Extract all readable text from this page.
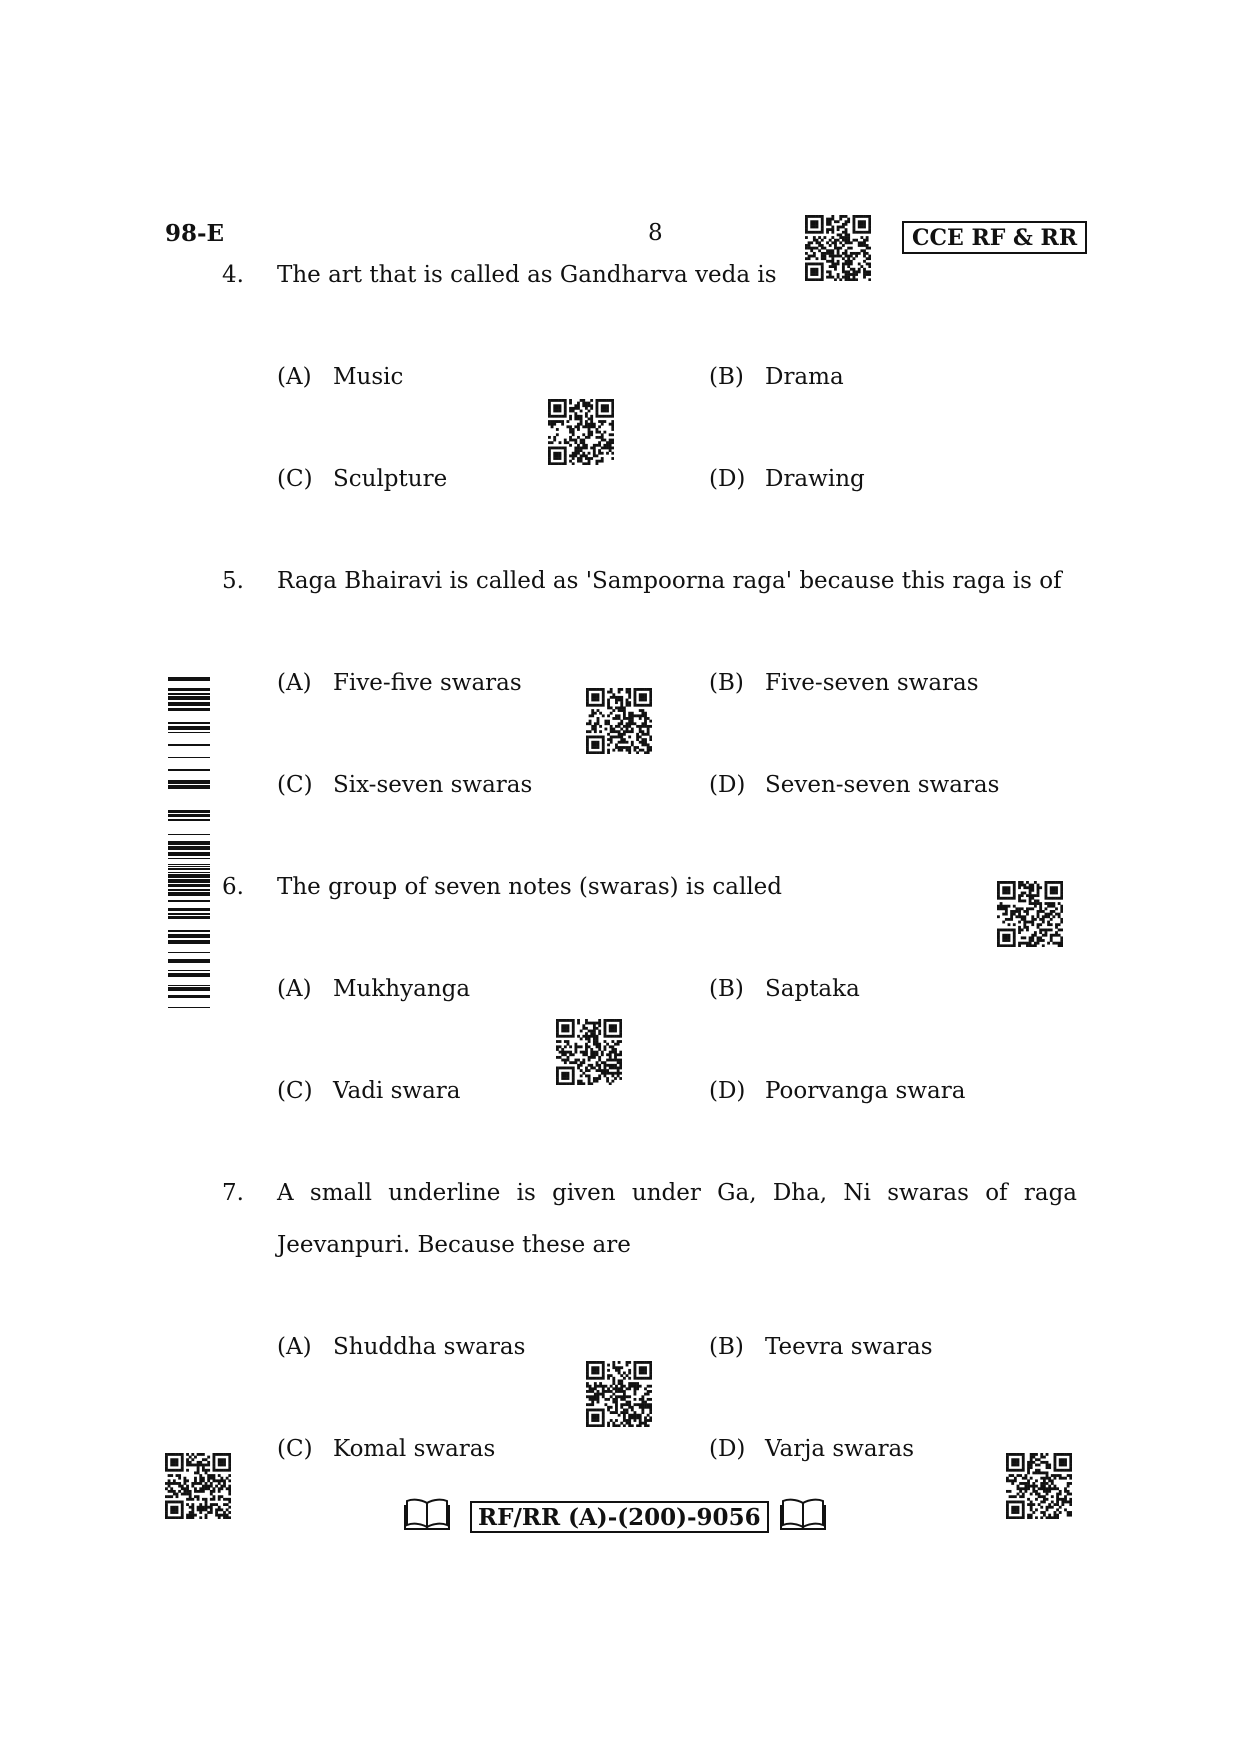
98-E	8	CCE RF & RR
4. The art that is called as Gandharva veda is
(A) Music	(B) Drama
(C) Sculpture	(D) Drawing
5. Raga Bhairavi is called as 'Sampoorna raga' because this raga is of
(A) Five-five swaras	(B) Five-seven swaras
(C) Six-seven swaras	(D) Seven-seven swaras
6. The group of seven notes (swaras) is called
(A) Mukhyanga	(B) Saptaka
(C) Vadi swara	(D) Poorvanga swara
7. A small underline is given under Ga, Dha, Ni swaras of raga
Jeevanpuri. Because these are
(A) Shuddha swaras	(B) Teevra swaras
(C) Komal swaras	(D) Varja swaras
RF/RR (A)-(200)-9056
